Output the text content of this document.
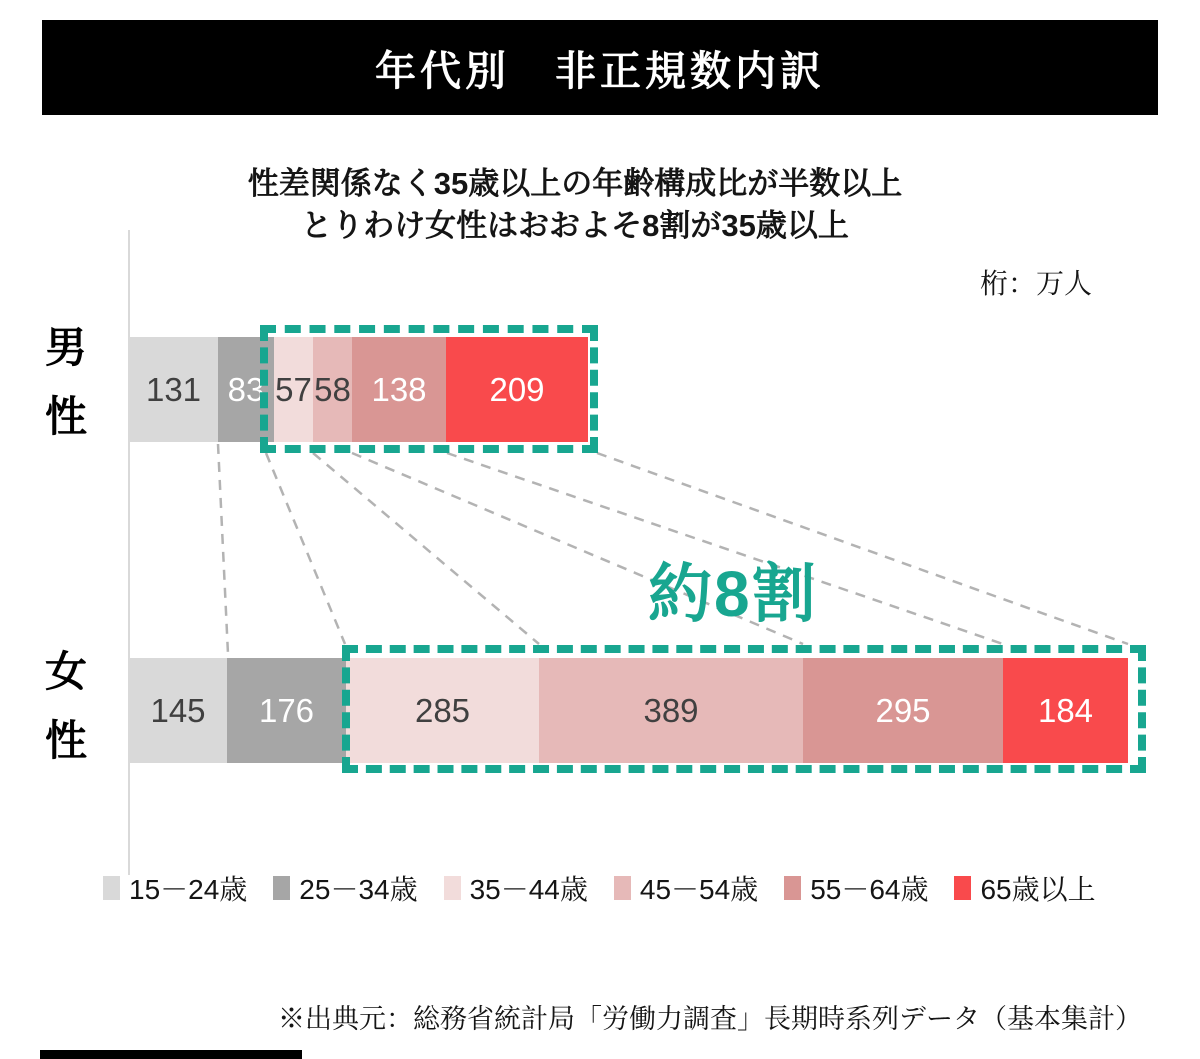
年代別　非正規数内訳
性差関係なく35歳以上の年齢構成比が半数以上
とりわけ女性はおおよそ8割が35歳以上
桁：万人
男性
女性
131 83 57 58 138	209
145	176	285	389	295	184
約8割
15－24歳 25－34歳 35－44歳 45－54歳 55－64歳 65歳以上
※出典元：総務省統計局「労働力調査」長期時系列データ（基本集計）
